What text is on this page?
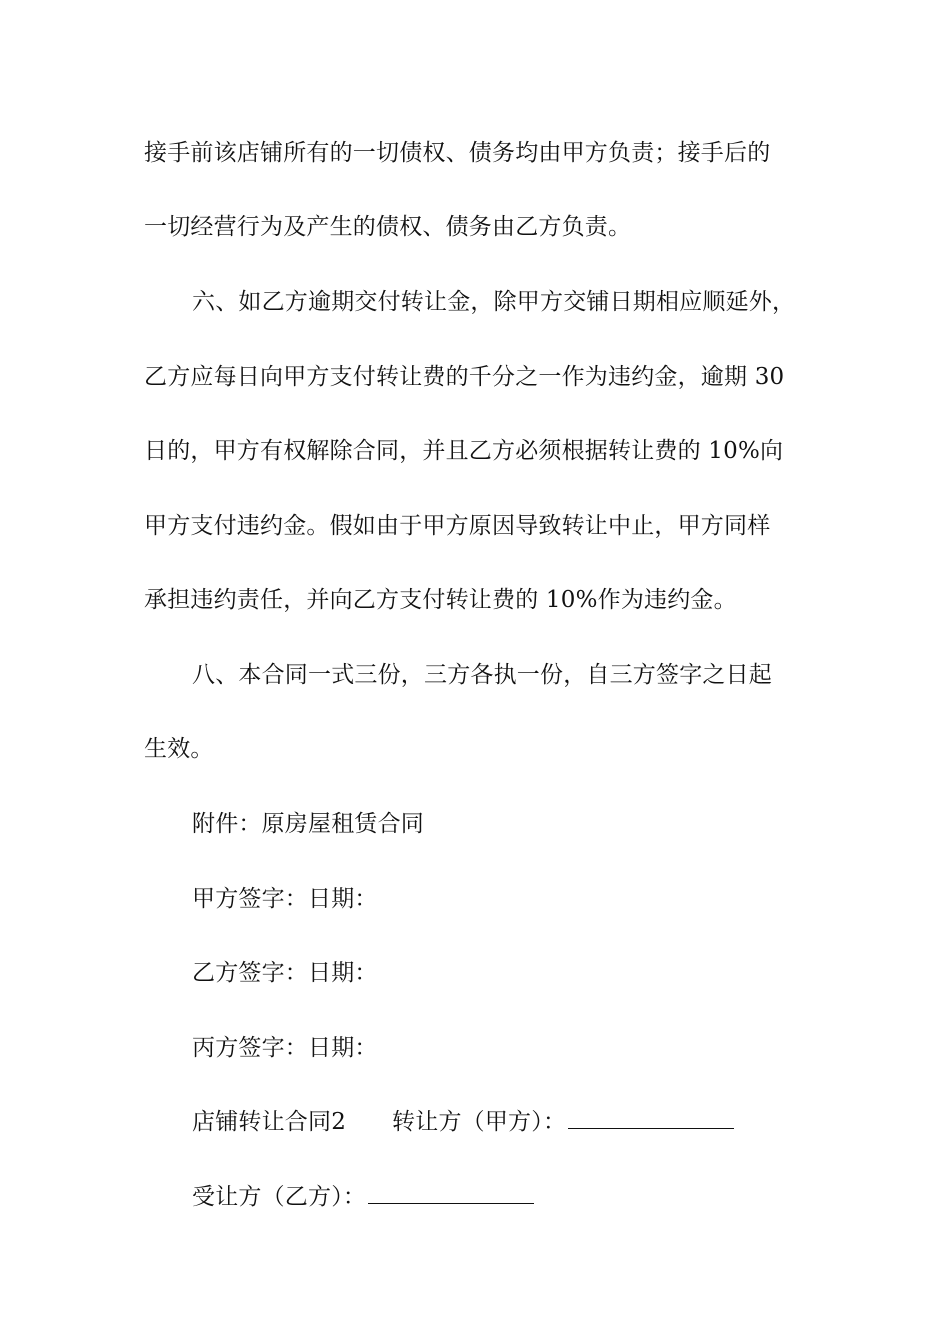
接手前该店铺所有的一切债权、债务均由甲方负责；接手后的
一切经营行为及产生的债权、债务由乙方负责。
六、如乙方逾期交付转让金，除甲方交铺日期相应顺延外，
乙方应每日向甲方支付转让费的千分之一作为违约金，逾期 30
日的，甲方有权解除合同，并且乙方必须根据转让费的 10%向
甲方支付违约金。假如由于甲方原因导致转让中止，甲方同样
承担违约责任，并向乙方支付转让费的 10%作为违约金。
八、本合同一式三份，三方各执一份，自三方签字之日起
生效。
附件：原房屋租赁合同
甲方签字：日期：
乙方签字：日期：
丙方签字：日期：
店铺转让合同2 转让方（甲方）：
受让方（乙方）：
